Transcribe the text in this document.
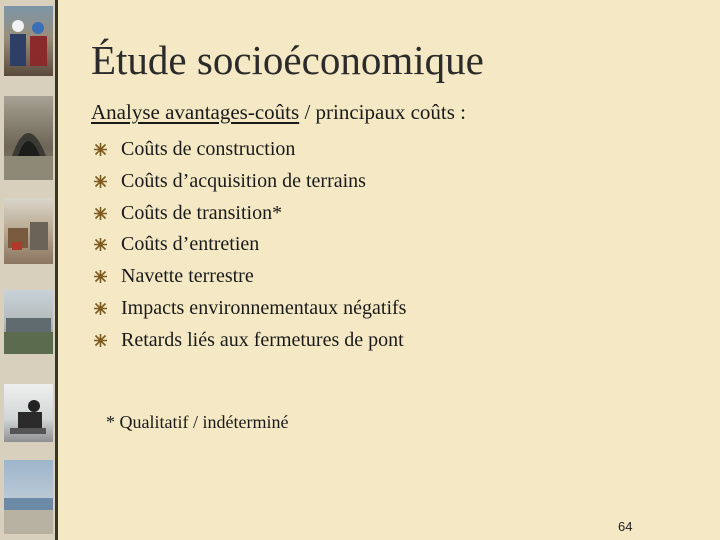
Étude socioéconomique
Analyse avantages-coûts / principaux coûts :
Coûts de construction
Coûts d’acquisition de terrains
Coûts de transition*
Coûts d’entretien
Navette terrestre
Impacts environnementaux négatifs
Retards liés aux fermetures de pont
* Qualitatif / indéterminé
64
